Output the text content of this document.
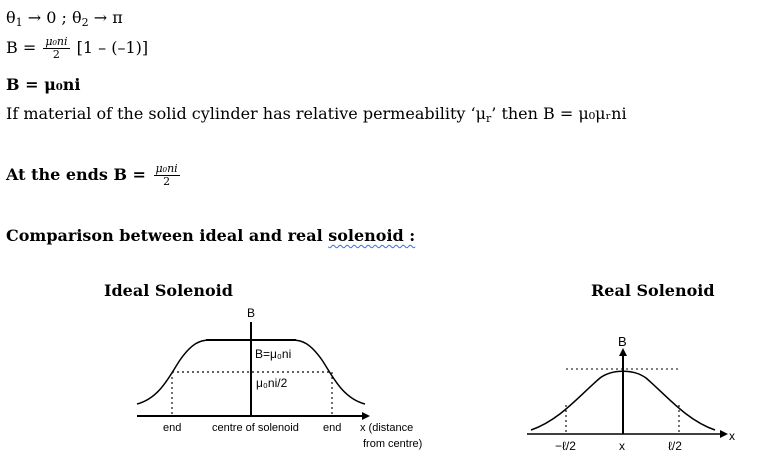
$\theta_1 \to 0$ ; $\theta_2 \to \pi$
$B = \frac{\text{μ₀ni}}{2} [1 - (-1)]$
B = μ₀ni
If material of the solid cylinder has relative permeability ‘$\mu_r$’ then B = μ₀μᵣni
At the ends $B = \frac{\text{μ₀ni}}{2}$
Comparison between ideal and real solenoid :
Ideal Solenoid	Real Solenoid
B
B=μ₀ni
μ₀ni/2
end	centre of solenoid end x (distance
from centre)
B
−ℓ/2	x	ℓ/2
x
